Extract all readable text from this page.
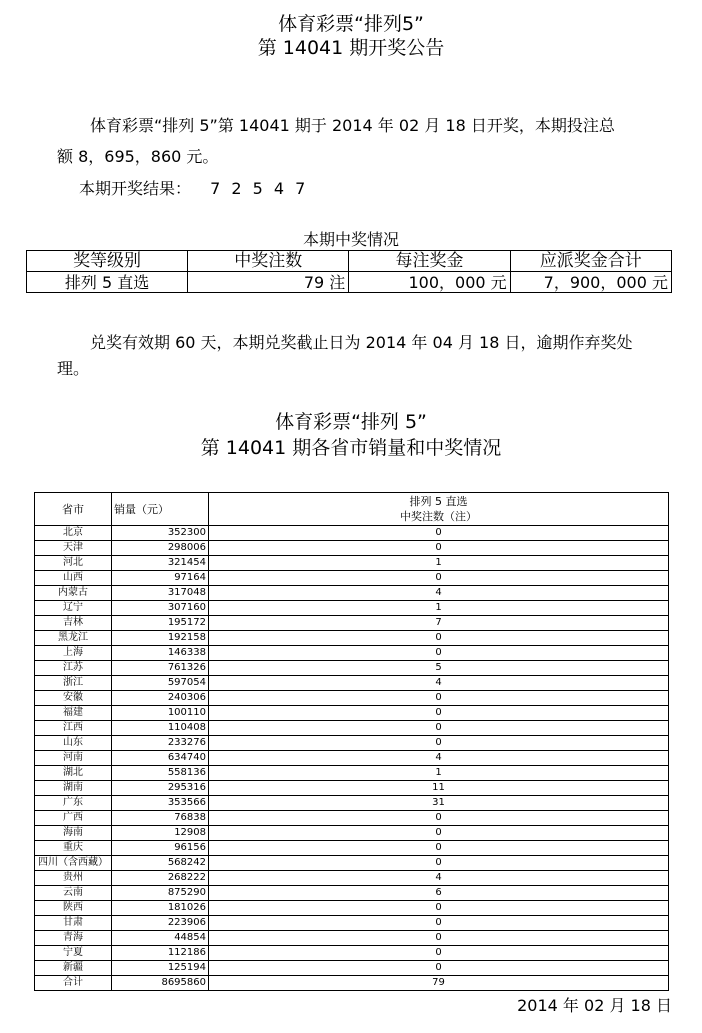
体育彩票“排列5”
第 14041 期开奖公告
体育彩票“排列 5”第 14041 期于 2014 年 02 月 18 日开奖，本期投注总
额 8，695，860 元。
本期开奖结果： 7 2 5 4 7
本期中奖情况
奖等级别	中奖注数	每注奖金	应派奖金合计
排列 5 直选	79 注	100，000 元	7，900，000 元
兑奖有效期 60 天，本期兑奖截止日为 2014 年 04 月 18 日，逾期作弃奖处
理。
体育彩票“排列 5”
第 14041 期各省市销量和中奖情况
省市	销量（元）	排列 5 直选
中奖注数（注）

北京	352300	0
天津	298006	0
河北	321454	1
山西	97164	0
内蒙古	317048	4
辽宁	307160	1
吉林	195172	7
黑龙江	192158	0
上海	146338	0
江苏	761326	5
浙江	597054	4
安徽	240306	0
福建	100110	0
江西	110408	0
山东	233276	0
河南	634740	4
湖北	558136	1
湖南	295316	11
广东	353566	31
广西	76838	0
海南	12908	0
重庆	96156	0
四川（含西藏）	568242	0
贵州	268222	4
云南	875290	6
陕西	181026	0
甘肃	223906	0
青海	44854	0
宁夏	112186	0
新疆	125194	0
合计	8695860	79
2014 年 02 月 18 日
